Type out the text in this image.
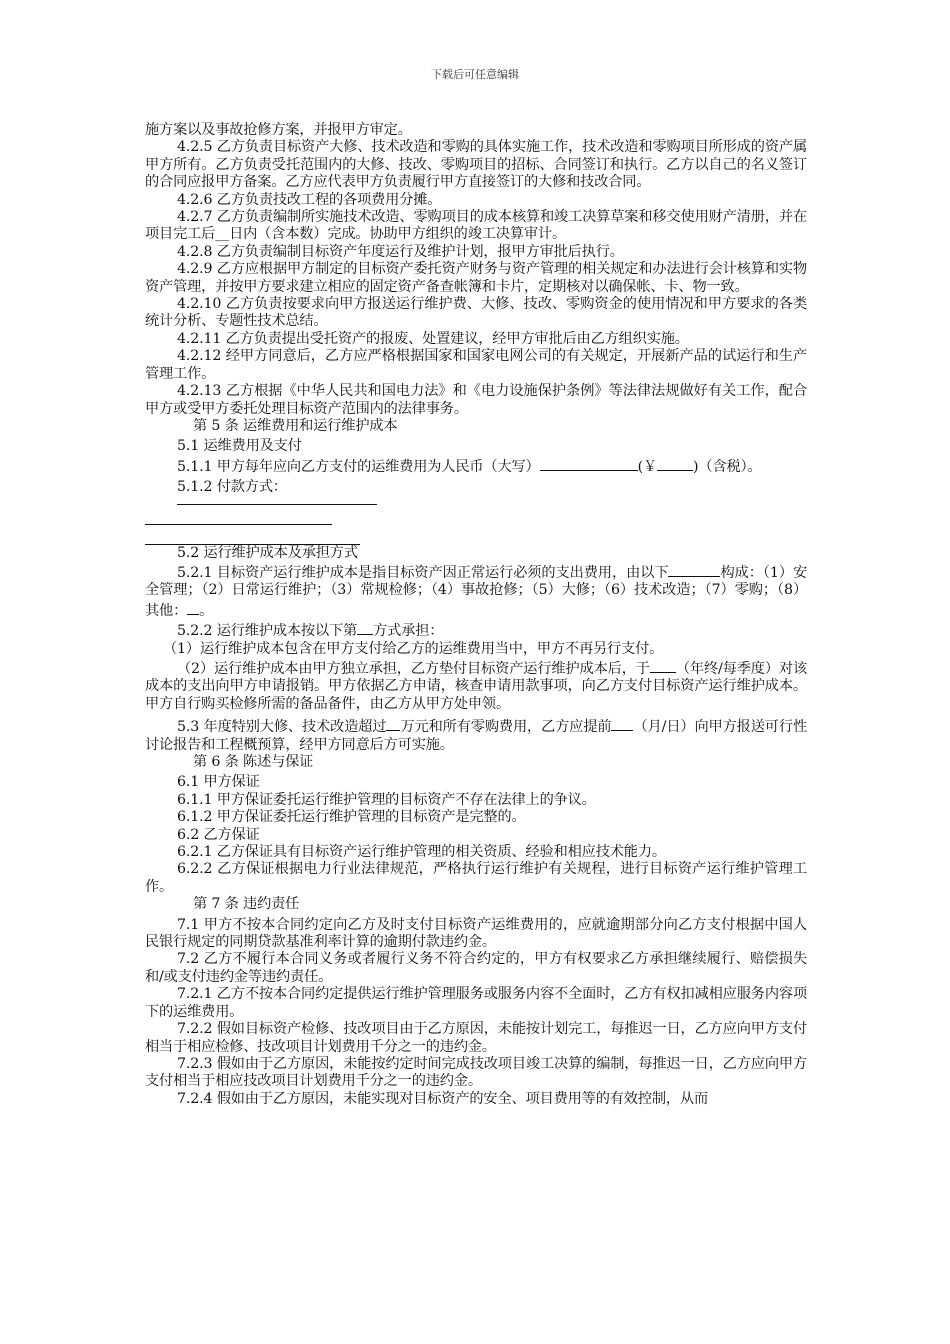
下载后可任意编辑

施方案以及事故抢修方案，并报甲方审定。

4.2.5 乙方负责目标资产大修、技术改造和零购的具体实施工作，技术改造和零购项目所形成的资产属甲方所有。乙方负责受托范围内的大修、技改、零购项目的招标、合同签订和执行。乙方以自己的名义签订的合同应报甲方备案。乙方应代表甲方负责履行甲方直接签订的大修和技改合同。

4.2.6 乙方负责技改工程的各项费用分摊。

4.2.7 乙方负责编制所实施技术改造、零购项目的成本核算和竣工决算草案和移交使用财产清册，并在项目完工后__日内（含本数）完成。协助甲方组织的竣工决算审计。

4.2.8 乙方负责编制目标资产年度运行及维护计划，报甲方审批后执行。

4.2.9 乙方应根据甲方制定的目标资产委托资产财务与资产管理的相关规定和办法进行会计核算和实物资产管理，并按甲方要求建立相应的固定资产备查帐簿和卡片，定期核对以确保帐、卡、物一致。

4.2.10 乙方负责按要求向甲方报送运行维护费、大修、技改、零购资金的使用情况和甲方要求的各类统计分析、专题性技术总结。

4.2.11 乙方负责提出受托资产的报废、处置建议，经甲方审批后由乙方组织实施。

4.2.12 经甲方同意后，乙方应严格根据国家和国家电网公司的有关规定，开展新产品的试运行和生产管理工作。

4.2.13 乙方根据《中华人民共和国电力法》和《电力设施保护条例》等法律法规做好有关工作，配合甲方或受甲方委托处理目标资产范围内的法律事务。

第 5 条 运维费用和运行维护成本

5.1 运维费用及支付

5.1.1 甲方每年应向乙方支付的运维费用为人民币（大写）	(￥	)（含税）。

5.1.2 付款方式：

5.2 运行维护成本及承担方式

5.2.1 目标资产运行维护成本是指目标资产因正常运行必须的支出费用，由以下	构成：（1）安全管理；（2）日常运行维护；（3）常规检修；（4）事故抢修；（5）大修；（6）技术改造；（7）零购；（8）其他： 。

5.2.2 运行维护成本按以下第 方式承担：

（1）运行维护成本包含在甲方支付给乙方的运维费用当中，甲方不再另行支付。

（2）运行维护成本由甲方独立承担，乙方垫付目标资产运行维护成本后，于 （年终/每季度）对该成本的支出向甲方申请报销。甲方依据乙方申请，核查申请用款事项，向乙方支付目标资产运行维护成本。甲方自行购买检修所需的备品备件，由乙方从甲方处申领。

5.3 年度特别大修、技术改造超过 万元和所有零购费用，乙方应提前 （月/日）向甲方报送可行性讨论报告和工程概预算，经甲方同意后方可实施。

第 6 条 陈述与保证

6.1 甲方保证

6.1.1 甲方保证委托运行维护管理的目标资产不存在法律上的争议。

6.1.2 甲方保证委托运行维护管理的目标资产是完整的。

6.2 乙方保证

6.2.1 乙方保证具有目标资产运行维护管理的相关资质、经验和相应技术能力。

6.2.2 乙方保证根据电力行业法律规范，严格执行运行维护有关规程，进行目标资产运行维护管理工作。

第 7 条 违约责任

7.1 甲方不按本合同约定向乙方及时支付目标资产运维费用的，应就逾期部分向乙方支付根据中国人民银行规定的同期贷款基准利率计算的逾期付款违约金。

7.2 乙方不履行本合同义务或者履行义务不符合约定的，甲方有权要求乙方承担继续履行、赔偿损失和/或支付违约金等违约责任。

7.2.1 乙方不按本合同约定提供运行维护管理服务或服务内容不全面时，乙方有权扣减相应服务内容项下的运维费用。

7.2.2 假如目标资产检修、技改项目由于乙方原因，未能按计划完工，每推迟一日，乙方应向甲方支付相当于相应检修、技改项目计划费用千分之一的违约金。

7.2.3 假如由于乙方原因，未能按约定时间完成技改项目竣工决算的编制，每推迟一日，乙方应向甲方支付相当于相应技改项目计划费用千分之一的违约金。

7.2.4 假如由于乙方原因，未能实现对目标资产的安全、项目费用等的有效控制，从而
